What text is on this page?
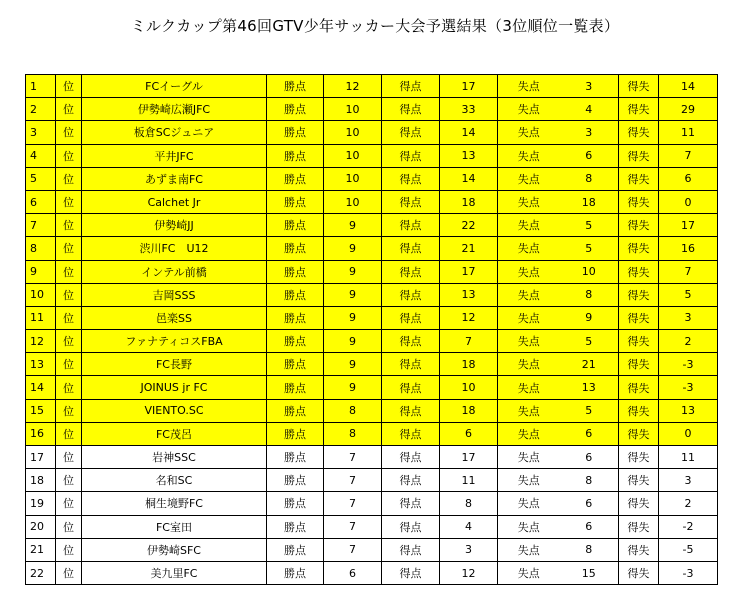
ミルクカップ第46回GTV少年サッカー大会予選結果（3位順位一覧表）
1	位	FCイーグル	勝点	12	得点	17	失点	3	得失	14
2	位	伊勢崎広瀬JFC	勝点	10	得点	33	失点	4	得失	29
3	位	板倉SCジュニア	勝点	10	得点	14	失点	3	得失	11
4	位	平井JFC	勝点	10	得点	13	失点	6	得失	7
5	位	あずま南FC	勝点	10	得点	14	失点	8	得失	6
6	位	Calchet Jr	勝点	10	得点	18	失点	18	得失	0
7	位	伊勢崎JJ	勝点	9	得点	22	失点	5	得失	17
8	位	渋川FC　U12	勝点	9	得点	21	失点	5	得失	16
9	位	インテル前橋	勝点	9	得点	17	失点	10	得失	7
10	位	吉岡SSS	勝点	9	得点	13	失点	8	得失	5
11	位	邑楽SS	勝点	9	得点	12	失点	9	得失	3
12	位	ファナティコスFBA	勝点	9	得点	7	失点	5	得失	2
13	位	FC長野	勝点	9	得点	18	失点	21	得失	-3
14	位	JOINUS jr FC	勝点	9	得点	10	失点	13	得失	-3
15	位	VIENTO.SC	勝点	8	得点	18	失点	5	得失	13
16	位	FC茂呂	勝点	8	得点	6	失点	6	得失	0
17	位	岩神SSC	勝点	7	得点	17	失点	6	得失	11
18	位	名和SC	勝点	7	得点	11	失点	8	得失	3
19	位	桐生境野FC	勝点	7	得点	8	失点	6	得失	2
20	位	FC室田	勝点	7	得点	4	失点	6	得失	-2
21	位	伊勢崎SFC	勝点	7	得点	3	失点	8	得失	-5
22	位	美九里FC	勝点	6	得点	12	失点	15	得失	-3
